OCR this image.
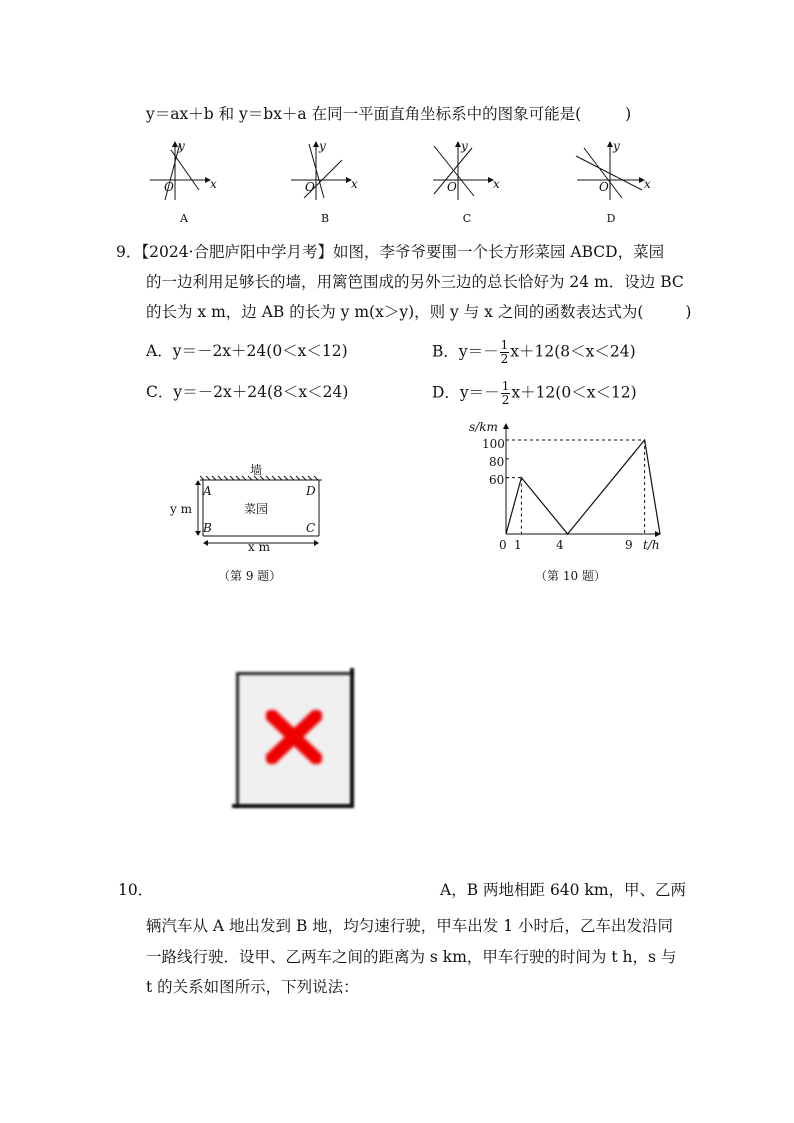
y＝ax＋b 和 y＝bx＋a 在同一平面直角坐标系中的图象可能是(	)
y
x
O
y
x
O
y
x
O
y
x
O
A	B	C	D
9．【2024·合肥庐阳中学月考】如图，李爷爷要围一个长方形菜园 ABCD，菜园
的一边利用足够长的墙，用篱笆围成的另外三边的总长恰好为 24 m．设边 BC
的长为 x m，边 AB 的长为 y m(x＞y)，则 y 与 x 之间的函数表达式为(	)
A．y＝－2x＋24(0＜x＜12)	B．$y=- \frac{1}{2} x+12(8<x<24)$
C．y＝－2x＋24(8＜x＜24)	D．$y=- \frac{1}{2} x+12(0<x<12)$
墙
A	D
B	C
菜园
y m
x m
（第 9 题）
s/km
t/h
100
80
60
0 1	4	9
（第 10 题）
10．	A，B 两地相距 640 km，甲、乙两
辆汽车从 A 地出发到 B 地，均匀速行驶，甲车出发 1 小时后，乙车出发沿同
一路线行驶．设甲、乙两车之间的距离为 s km，甲车行驶的时间为 t h，s 与
t 的关系如图所示，下列说法：
